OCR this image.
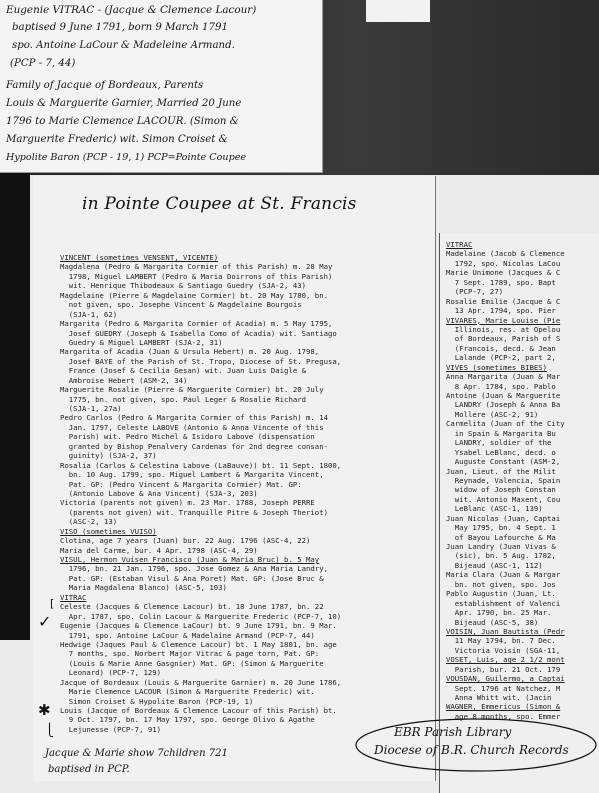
Eugenie VITRAC - (Jacque & Clemence Lacour)
baptised 9 June 1791, born 9 March 1791
spo. Antoine LaCour & Madeleine Armand.
(PCP - 7, 44)
Family of Jacque of Bordeaux, Parents
Louis & Marguerite Garnier, Married 20 June
1796 to Marie Clemence LACOUR. (Simon &
Marguerite Frederic) wit. Simon Croiset &
Hypolite Baron (PCP - 19, 1) PCP=Pointe Coupee
in Pointe Coupee at St. Francis
VINCENT (sometimes VENSENT, VICENTE)
Magdalena (Pedro & Margarita Cormier of this Parish) m. 28 May
1798, Miguel LAMBERT (Pedro & Maria Doirrons of this Parish)
wit. Henrique Thibodeaux & Santiago Guedry (SJA-2, 43)
Magdelaine (Pierre & Magdelaine Cormier) bt. 20 May 1780, bn.
not given, spo. Josephe Vincent & Magdelaine Bourgois
(SJA-1, 62)
Margarita (Pedro & Margarita Cormier of Acadia) m. 5 May 1795,
Josef GUEDRY (Joseph & Isabella Como of Acadia) wit. Santiago
Guedry & Miguel LAMBERT (SJA-2, 31)
Margarita of Acadia (Juan & Ursula Hebert) m. 20 Aug. 1798,
Josef BAYE of the Parish of St. Tropo, Diocese of St. Pregusa,
France (Josef & Cecilia Gesan) wit. Juan Luis Daigle &
Ambroise Hebert (ASM-2, 34)
Marguerite Rosalie (Pierre & Marguerite Cormier) bt. 20 July
1775, bn. not given, spo. Paul Leger & Rosalie Richard
(SJA-1, 27a)
Pedro Carlos (Pedro & Margarita Cormier of this Parish) m. 14
Jan. 1797, Celeste LABOVE (Antonio & Anna Vincente of this
Parish) wit. Pedro Michel & Isidoro Labove (dispensation
granted by Bishop Penalvery Cardenas for 2nd degree consan-
guinity) (SJA-2, 37)
Rosalia (Carlos & Celestina Labove (LaBauve)) bt. 11 Sept. 1800,
bn. 10 Aug. 1799, spo. Miguel Lambert & Margarita Vincent,
Pat. GP: (Pedro Vincent & Margarita Cormier) Mat. GP:
(Antonio Labove & Ana Vincent) (SJA-3, 203)
Victoria (parents not given) m. 23 Mar. 1788, Joseph PERRE
(parents not given) wit. Tranquille Pitre & Joseph Theriot)
(ASC-2, 13)
VISO (sometimes VUISO)
Clotina, age 7 years (Juan) bur. 22 Aug. 1796 (ASC-4, 22)
Maria del Carme, bur. 4 Apr. 1798 (ASC-4, 29)
VISUL, Hermon Vuisen Francisco (Juan & Maria Bruc) b. 5 May
1796, bn. 21 Jan. 1796, spo. Jose Gomez & Ana Maria Landry,
Pat. GP: (Estaban Visul & Ana Poret) Mat. GP: (Jose Bruc &
Maria Magdalena Blanco) (ASC-5, 103)
VITRAC
Celeste (Jacques & Clemence Lacour) bt. 18 June 1787, bn. 22
Apr. 1787, spo. Colin Lacour & Marguerite Frederic (PCP-7, 10)
Eugenie (Jacques & Clemence LaCour) bt. 9 June 1791, bn. 9 Mar.
1791, spo. Antoine LaCour & Madelaine Armand (PCP-7, 44)
Hedwige (Jaques Paul & Clemence Lacour) bt. 1 May 1801, bn. age
7 months, spo. Norbert Major Vitrac & page torn, Pat. GP:
(Louis & Marie Anne Gasgnier) Mat. GP: (Simon & Marguerite
Leonard) (PCP-7, 129)
Jacque of Bordeaux (Louis & Marguerite Garnier) m. 20 June 1786,
Marie Clemence LACOUR (Simon & Marguerite Frederic) wit.
Simon Croiset & Hypolite Baron (PCP-19, 1)
Louis (Jacque of Bordeaux & Clemence Lacour of this Parish) bt.
9 Oct. 1797, bn. 17 May 1797, spo. George Olivo & Agathe
Lejunesse (PCP-7, 91)
VITRAC
Madelaine (Jacob & Clemence
1792, spo. Nicolas LaCou
Marie Unimone (Jacques & C
7 Sept. 1789, spo. Bapt
(PCP-7, 27)
Rosalie Emilie (Jacque & C
13 Apr. 1794, spo. Pier
VIVARES, Marie Louise (Pie
Illinois, res. at Opelou
of Bordeaux, Parish of S
(Francois, decd. & Jean
Lalande (PCP-2, part 2,
VIVES (sometimes BIBES)
Anna Margarita (Juan & Mar
8 Apr. 1784, spo. Pablo
Antoine (Juan & Marguerite
LANDRY (Joseph & Anna Ba
Mollere (ASC-2, 91)
Carmelita (Juan of the City
in Spain & Margarita Bu
LANDRY, soldier of the
Ysabel LeBlanc, decd. o
Auguste Constant (ASM-2,
Juan, Lieut. of the Milit
Reynade, Valencia, Spain
widow of Joseph Constan
wit. Antonio Maxent, Cou
LeBlanc (ASC-1, 139)
Juan Nicolas (Juan, Captai
May 1795, bn. 4 Sept. 1
of Bayou Lafourche & Ma
Juan Landry (Juan Vivas &
(sic), bn. 5 Aug. 1782,
Bijeaud (ASC-1, 112)
Maria Clara (Juan & Margar
bn. not given, spo. Jos
Pablo Augustin (Juan, Lt.
establishment of Valenci
Apr. 1790, bn. 25 Mar.
Bijeaud (ASC-5, 38)
VOISIN, Juan Bautista (Pedr
11 May 1794, bn. 7 Dec.
Victoria Voisin (SGA-11,
VOSET, Luis, age 2 1/2 mont
Parish, bur. 21 Oct. 179
VOUSDAN, Guilermo, a Captai
Sept. 1796 at Natchez, M
Anna Whitt wit. (Jacin
WAGNER, Emmericus (Simon &
age 8 months, spo. Emmer
[
✓
✱
⎩
Jacque & Marie show 7children 721
baptised in PCP.
EBR Parish Library
Diocese of B.R. Church Records
